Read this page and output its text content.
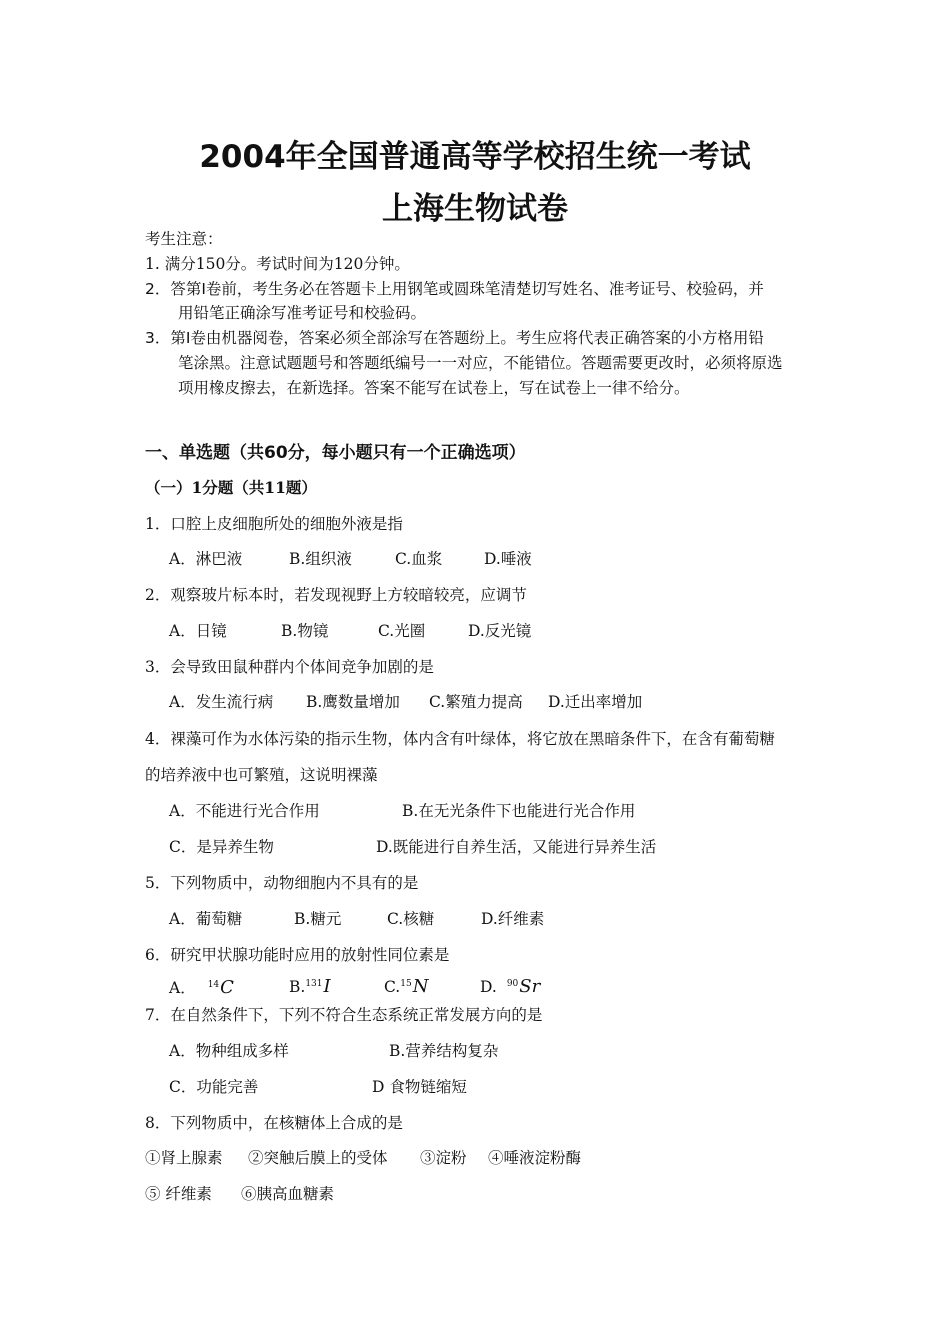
2004年全国普通高等学校招生统一考试
上海生物试卷
考生注意：
1. 满分150分。考试时间为120分钟。
2．答第Ⅰ卷前，考生务必在答题卡上用钢笔或圆珠笔清楚切写姓名、准考证号、校验码，并
用铅笔正确涂写准考证号和校验码。
3．第Ⅰ卷由机器阅卷，答案必须全部涂写在答题纷上。考生应将代表正确答案的小方格用铅
笔涂黑。注意试题题号和答题纸编号一一对应，不能错位。答题需要更改时，必须将原选
项用橡皮擦去，在新选择。答案不能写在试卷上，写在试卷上一律不给分。
一、单选题（共60分，每小题只有一个正确选项）
（一）1分题（共11题）
1．口腔上皮细胞所处的细胞外液是指
A．淋巴液	B.组织液	C.血浆	D.唾液
2．观察玻片标本时，若发现视野上方较暗较亮，应调节
A．日镜	B.物镜	C.光圈	D.反光镜
3．会导致田鼠种群内个体间竞争加剧的是
A．发生流行病 B.鹰数量增加 C.繁殖力提高 D.迁出率增加
4．裸藻可作为水体污染的指示生物，体内含有叶绿体，将它放在黑暗条件下，在含有葡萄糖
的培养液中也可繁殖，这说明裸藻
A．不能进行光合作用	B.在无光条件下也能进行光合作用
C．是异养生物	D.既能进行自养生活，又能进行异养生活
5．下列物质中，动物细胞内不具有的是
A．葡萄糖	B.糖元	C.核糖	D.纤维素
6．研究甲状腺功能时应用的放射性同位素是
A． $^{14}$C	B.$^{131}$I	C.$^{15}$N	D. $^{90}$Sr
7．在自然条件下，下列不符合生态系统正常发展方向的是
A．物种组成多样	B.营养结构复杂
C．功能完善	D 食物链缩短
8．下列物质中，在核糖体上合成的是
①肾上腺素 ②突触后膜上的受体 ③淀粉 ④唾液淀粉酶
⑤ 纤维素 ⑥胰高血糖素
